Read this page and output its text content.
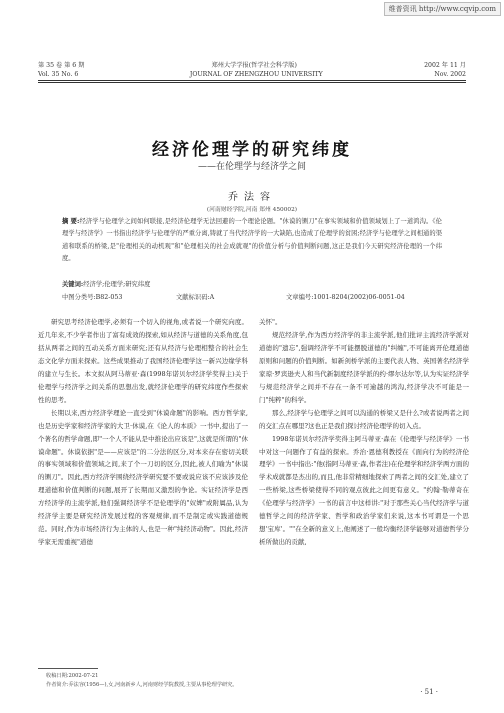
维普资讯 http://www.cqvip.com
第 35 卷 第 6 期	郑州大学学报(哲学社会科学版)	2002 年 11 月
Vol. 35 No. 6	JOURNAL OF ZHENGZHOU UNIVERSITY	Nov. 2002
经济伦理学的研究纬度
——在伦理学与经济学之间
乔法容
(河南财经学院,河南 郑州 450002)
摘 要:经济学与伦理学之间如何联接,是经济伦理学无法回避的一个理论论题。"休谟的铡刀"在事实领域和价值领域划上了一道鸿沟。《伦理学与经济学》一书指出经济学与伦理学的严重分离,铸就了当代经济学的一大缺陷,也造成了伦理学的贫困;经济学与伦理学之间相通的渠道和联系的桥梁,是"伦理相关的动机观"和"伦理相关的社会成就观"的价值分析与价值判断问题,这正是我们今天研究经济伦理的一个纬度。
关键词:经济学;伦理学;研究纬度
中图分类号:B82-053	文献标识码:A	文章编号:1001-8204(2002)06-0051-04

研究思考经济伦理学,必须有一个切入的视角,或者说一个研究向度。近几年来,不少学者作出了富有成效的探索,如从经济与道德的关系角度,包括从两者之间的互动关系方面来研究;还有从经济与伦理相整合的社会生态文化学方面来探索。这些成果推动了我国经济伦理学这一新兴边缘学科的建立与生长。本文拟从阿马蒂亚·森(1998年诺贝尔经济学奖得主)关于伦理学与经济学之间关系的思想出发,就经济伦理学的研究纬度作些探索性的思考。

长期以来,西方经济学理论一直受到"休谟命题"的影响。西方哲学家,也是历史学家和经济学家的大卫·休谟,在《论人的本质》一书中,提出了一个著名的哲学命题,即"一个人不能从是中推论出应该是",这就是所谓的"休谟命题"。休谟依据"是——应该是"的二分法的区分,对本来存在密切关联的事实领域和价值领域之间,来了个一刀切的区分,因此,被人们喻为"休谟的铡刀"。因此,西方经济学围绕经济学研究要不要或说应该不应该涉及伦理道德和价值判断的问题,展开了长期而又激烈的争论。实证经济学是西方经济学的主流学派,他们强调经济学不是伦理学的"奴婢"或附属品,认为经济学主要是研究经济发展过程的客观规律,而不是制定或实践道德规范。同时,作为市场经济行为主体的人,也是一种"纯经济动物"。因此,经济学家无需重视"道德

关怀"。

规范经济学,作为西方经济学的非主流学派,他们批评主流经济学派对道德的"遗忘",强调经济学不可能摆脱道德的"纠缠",不可能离开伦理道德原则和问题的价值判断。如新剑桥学派的主要代表人物、英国著名经济学家琼·罗宾逊夫人和当代新制度经济学派的约·缪尔达尔等,认为实证经济学与规范经济学之间并不存在一条不可逾越的鸿沟,经济学决不可能是一门"纯粹"的科学。

那么,经济学与伦理学之间可以沟通的桥梁又是什么?或者说两者之间的交汇点在哪里?这也正是我们探讨经济伦理学的切入点。

1998年诺贝尔经济学奖得主阿马蒂亚·森在《伦理学与经济学》一书中对这一问题作了有益的探索。乔治·恩德利教授在《面向行为的经济伦理学》一书中指出:"他(指阿马蒂亚·森,作者注)在伦理学和经济学两方面的学术成就都是杰出的,而且,他非常精细地探索了两者之间的交汇处,建立了一些桥梁,这些桥梁使得不同的观点彼此之间更有意义。"约翰·勒蒂奇在《伦理学与经济学》一书的前言中这样讲:"对于那些关心当代经济学与道德哲学之间的经济学家、哲学和政治学家们来说,这本书可谓是一个思想'宝库'。""在全新的意义上,他阐述了一般均衡经济学能够对道德哲学分析所做出的贡献,

收稿日期:2002-07-21
作者简介:乔法容(1956—),女,河南新乡人,河南财经学院教授,主要从事伦理学研究。
· 51 ·
